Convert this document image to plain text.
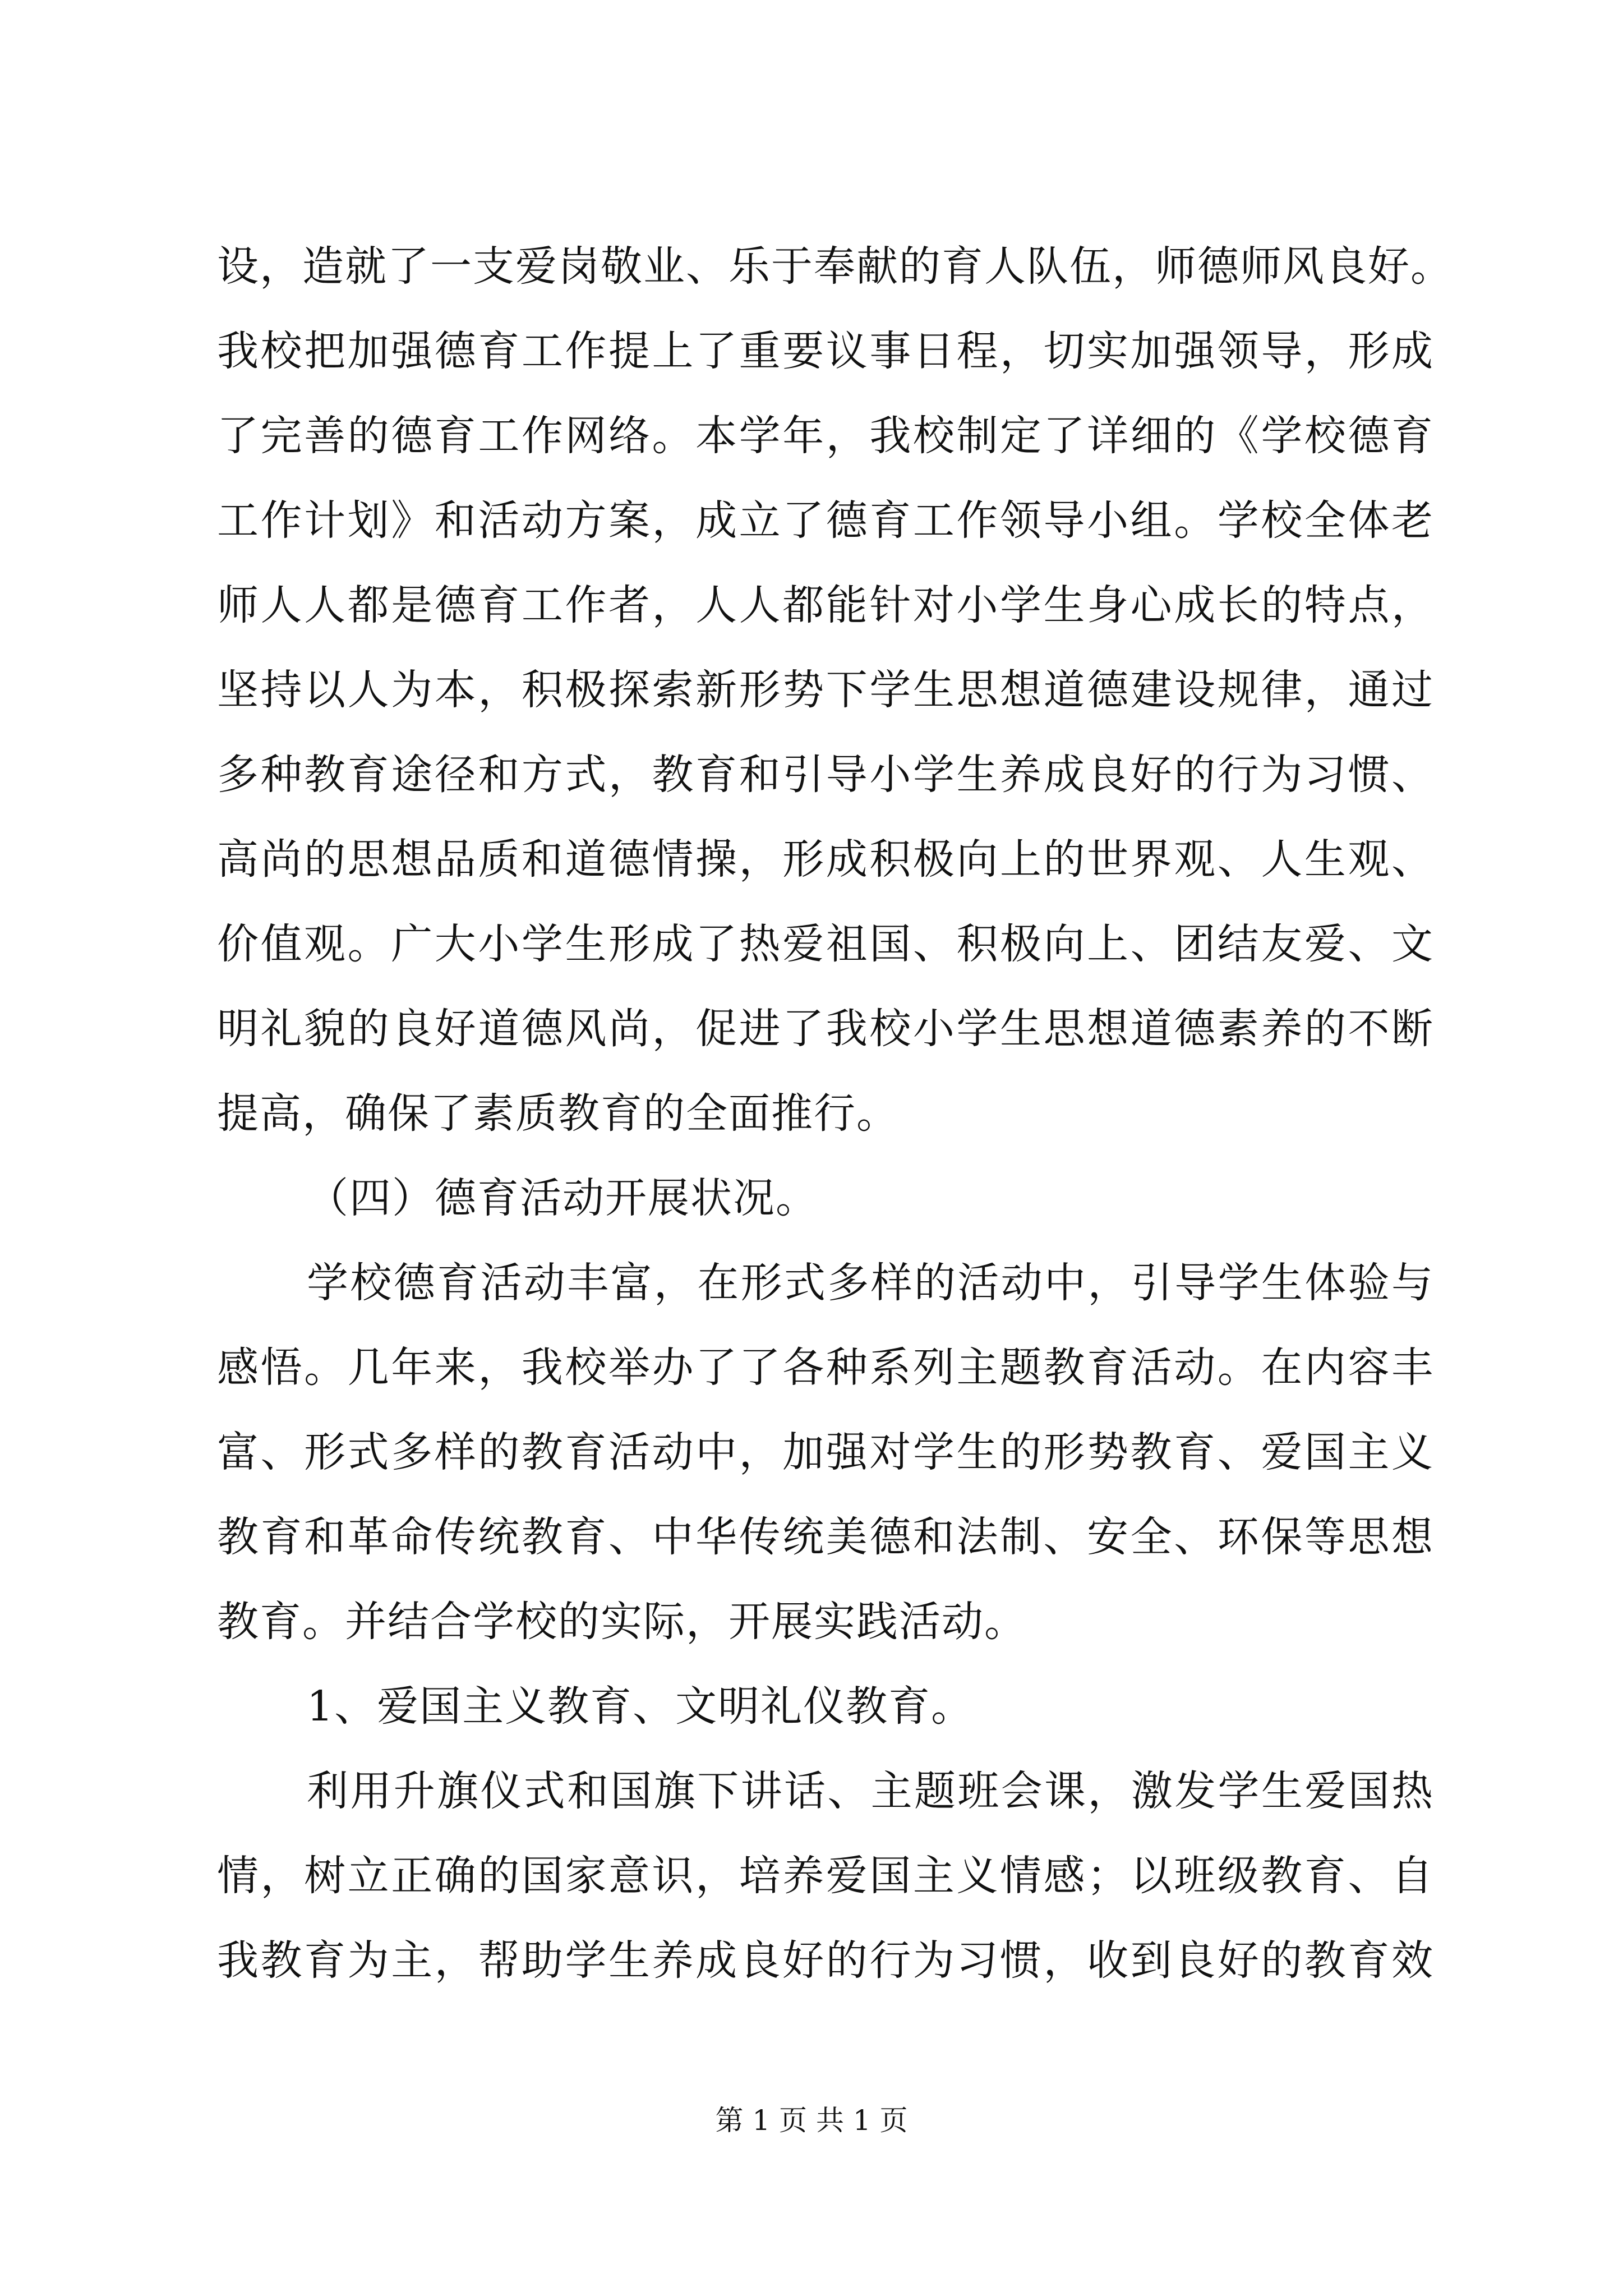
设，造就了一支爱岗敬业、乐于奉献的育人队伍，师德师风良好。
我校把加强德育工作提上了重要议事日程，切实加强领导，形成
了完善的德育工作网络。本学年，我校制定了详细的《学校德育
工作计划》和活动方案，成立了德育工作领导小组。学校全体老
师人人都是德育工作者，人人都能针对小学生身心成长的特点，
坚持以人为本，积极探索新形势下学生思想道德建设规律，通过
多种教育途径和方式，教育和引导小学生养成良好的行为习惯、
高尚的思想品质和道德情操，形成积极向上的世界观、人生观、
价值观。广大小学生形成了热爱祖国、积极向上、团结友爱、文
明礼貌的良好道德风尚，促进了我校小学生思想道德素养的不断
提高，确保了素质教育的全面推行。
（四）德育活动开展状况。
学校德育活动丰富，在形式多样的活动中，引导学生体验与
感悟。几年来，我校举办了了各种系列主题教育活动。在内容丰
富、形式多样的教育活动中，加强对学生的形势教育、爱国主义
教育和革命传统教育、中华传统美德和法制、安全、环保等思想
教育。并结合学校的实际，开展实践活动。
1、爱国主义教育、文明礼仪教育。
利用升旗仪式和国旗下讲话、主题班会课，激发学生爱国热
情，树立正确的国家意识，培养爱国主义情感；以班级教育、自
我教育为主，帮助学生养成良好的行为习惯，收到良好的教育效
第 1 页 共 1 页
